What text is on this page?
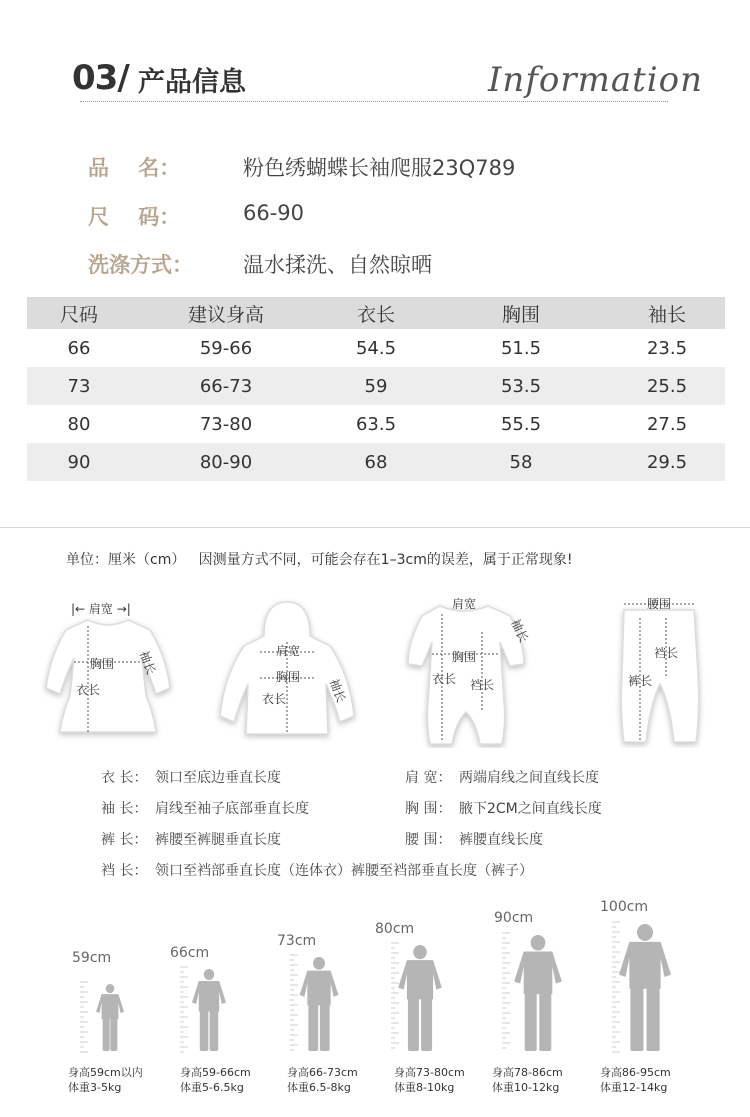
03/ 产品信息	Information
品    名：	粉色绣蝴蝶长袖爬服23Q789
尺    码：	66-90
洗涤方式： 温水揉洗、自然晾晒
尺码	建议身高	衣长	胸围	袖长
66	59-66	54.5	51.5	23.5
73	66-73	59	53.5	25.5
80	73-80	63.5	55.5	27.5
90	80-90	68	58	29.5
单位：厘米（cm）   因测量方式不同，可能会存在1–3cm的误差，属于正常现象!
|← 肩宽 →|
胸围
衣长
袖长	肩宽
胸围
衣长	袖长
肩宽
胸围
衣长 裆长
袖长
腰围
裆长
裤长
衣 长： 领口至底边垂直长度	肩 宽： 两端肩线之间直线长度
袖 长： 肩线至袖子底部垂直长度	胸 围： 腋下2CM之间直线长度
裤 长： 裤腰至裤腿垂直长度	腰 围： 裤腰直线长度
裆 长： 领口至裆部垂直长度（连体衣）裤腰至裆部垂直长度（裤子）
59cm	66cm
73cm
80cm
90cm
100cm
身高59cm以内
体重3-5kg
身高59-66cm
体重5-6.5kg
身高66-73cm
体重6.5-8kg
身高73-80cm
体重8-10kg
身高78-86cm
体重10-12kg
身高86-95cm
体重12-14kg
